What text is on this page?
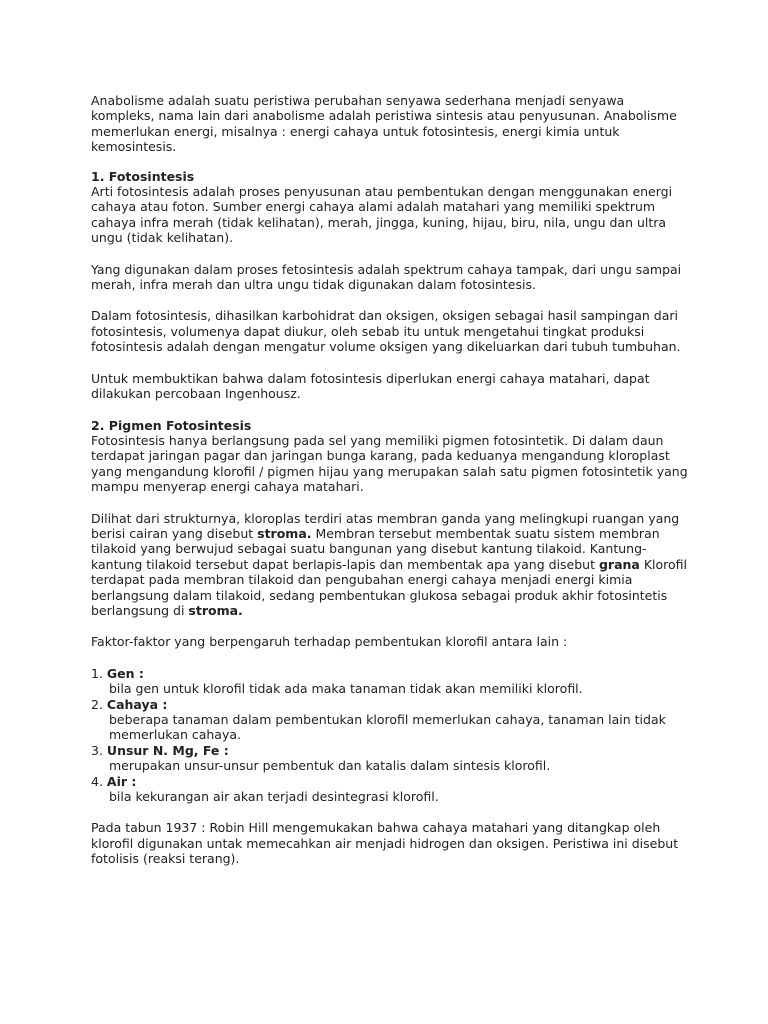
Anabolisme adalah suatu peristiwa perubahan senyawa sederhana menjadi senyawa kompleks, nama lain dari anabolisme adalah peristiwa sintesis atau penyusunan. Anabolisme memerlukan energi, misalnya : energi cahaya untuk fotosintesis, energi kimia untuk kemosintesis.

1. Fotosintesis

Arti fotosintesis adalah proses penyusunan atau pembentukan dengan menggunakan energi cahaya atau foton. Sumber energi cahaya alami adalah matahari yang memiliki spektrum cahaya infra merah (tidak kelihatan), merah, jingga, kuning, hijau, biru, nila, ungu dan ultra ungu (tidak kelihatan).

Yang digunakan dalam proses fetosintesis adalah spektrum cahaya tampak, dari ungu sampai merah, infra merah dan ultra ungu tidak digunakan dalam fotosintesis.

Dalam fotosintesis, dihasilkan karbohidrat dan oksigen, oksigen sebagai hasil sampingan dari fotosintesis, volumenya dapat diukur, oleh sebab itu untuk mengetahui tingkat produksi fotosintesis adalah dengan mengatur volume oksigen yang dikeluarkan dari tubuh tumbuhan.

Untuk membuktikan bahwa dalam fotosintesis diperlukan energi cahaya matahari, dapat dilakukan percobaan Ingenhousz.

2. Pigmen Fotosintesis

Fotosintesis hanya berlangsung pada sel yang memiliki pigmen fotosintetik. Di dalam daun terdapat jaringan pagar dan jaringan bunga karang, pada keduanya mengandung kloroplast yang mengandung klorofil / pigmen hijau yang merupakan salah satu pigmen fotosintetik yang mampu menyerap energi cahaya matahari.

Dilihat dari strukturnya, kloroplas terdiri atas membran ganda yang melingkupi ruangan yang berisi cairan yang disebut stroma. Membran tersebut membentak suatu sistem membran tilakoid yang berwujud sebagai suatu bangunan yang disebut kantung tilakoid. Kantung-kantung tilakoid tersebut dapat berlapis-lapis dan membentak apa yang disebut grana Klorofil terdapat pada membran tilakoid dan pengubahan energi cahaya menjadi energi kimia berlangsung dalam tilakoid, sedang pembentukan glukosa sebagai produk akhir fotosintetis berlangsung di stroma.

Faktor-faktor yang berpengaruh terhadap pembentukan klorofil antara lain :

1. Gen :
bila gen untuk klorofil tidak ada maka tanaman tidak akan memiliki klorofil.
2. Cahaya :
beberapa tanaman dalam pembentukan klorofil memerlukan cahaya, tanaman lain tidak memerlukan cahaya.
3. Unsur N. Mg, Fe :
merupakan unsur-unsur pembentuk dan katalis dalam sintesis klorofil.
4. Air :
bila kekurangan air akan terjadi desintegrasi klorofil.

Pada tabun 1937 : Robin Hill mengemukakan bahwa cahaya matahari yang ditangkap oleh klorofil digunakan untak memecahkan air menjadi hidrogen dan oksigen. Peristiwa ini disebut fotolisis (reaksi terang).
